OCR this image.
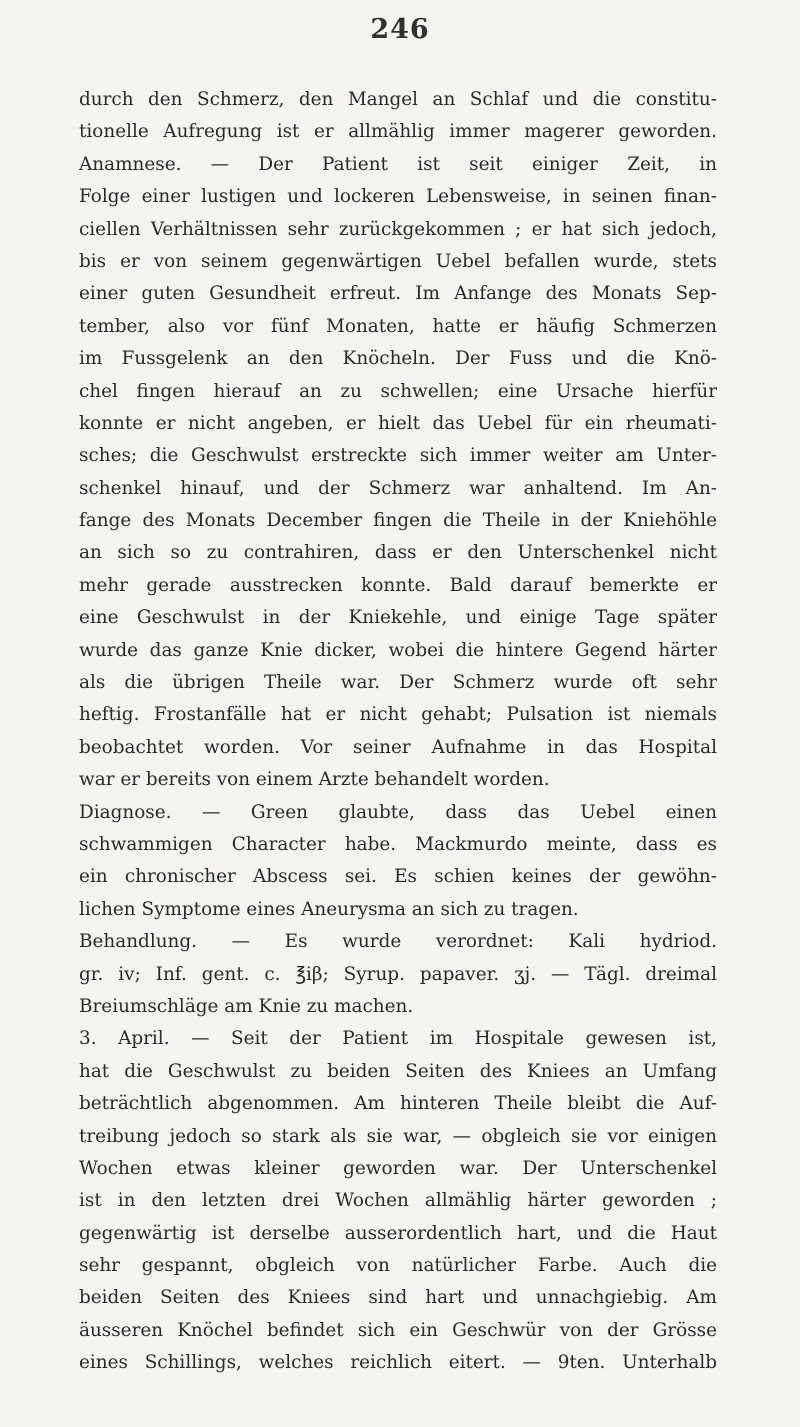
246
durch den Schmerz, den Mangel an Schlaf und die constitu-
tionelle Aufregung ist er allmählig immer magerer geworden.
Anamnese. — Der Patient ist seit einiger Zeit, in
Folge einer lustigen und lockeren Lebensweise, in seinen finan-
ciellen Verhältnissen sehr zurückgekommen ; er hat sich jedoch,
bis er von seinem gegenwärtigen Uebel befallen wurde, stets
einer guten Gesundheit erfreut. Im Anfange des Monats Sep-
tember, also vor fünf Monaten, hatte er häufig Schmerzen
im Fussgelenk an den Knöcheln. Der Fuss und die Knö-
chel fingen hierauf an zu schwellen; eine Ursache hierfür
konnte er nicht angeben, er hielt das Uebel für ein rheumati-
sches; die Geschwulst erstreckte sich immer weiter am Unter-
schenkel hinauf, und der Schmerz war anhaltend. Im An-
fange des Monats December fingen die Theile in der Kniehöhle
an sich so zu contrahiren, dass er den Unterschenkel nicht
mehr gerade ausstrecken konnte. Bald darauf bemerkte er
eine Geschwulst in der Kniekehle, und einige Tage später
wurde das ganze Knie dicker, wobei die hintere Gegend härter
als die übrigen Theile war. Der Schmerz wurde oft sehr
heftig. Frostanfälle hat er nicht gehabt; Pulsation ist niemals
beobachtet worden. Vor seiner Aufnahme in das Hospital
war er bereits von einem Arzte behandelt worden.
Diagnose. — Green glaubte, dass das Uebel einen
schwammigen Character habe. Mackmurdo meinte, dass es
ein chronischer Abscess sei. Es schien keines der gewöhn-
lichen Symptome eines Aneurysma an sich zu tragen.
Behandlung. — Es wurde verordnet: Kali hydriod.
gr. iv; Inf. gent. c. ℥iβ; Syrup. papaver. ʒj. — Tägl. dreimal
Breiumschläge am Knie zu machen.
3. April. — Seit der Patient im Hospitale gewesen ist,
hat die Geschwulst zu beiden Seiten des Kniees an Umfang
beträchtlich abgenommen. Am hinteren Theile bleibt die Auf-
treibung jedoch so stark als sie war, — obgleich sie vor einigen
Wochen etwas kleiner geworden war. Der Unterschenkel
ist in den letzten drei Wochen allmählig härter geworden ;
gegenwärtig ist derselbe ausserordentlich hart, und die Haut
sehr gespannt, obgleich von natürlicher Farbe. Auch die
beiden Seiten des Kniees sind hart und unnachgiebig. Am
äusseren Knöchel befindet sich ein Geschwür von der Grösse
eines Schillings, welches reichlich eitert. — 9ten. Unterhalb
